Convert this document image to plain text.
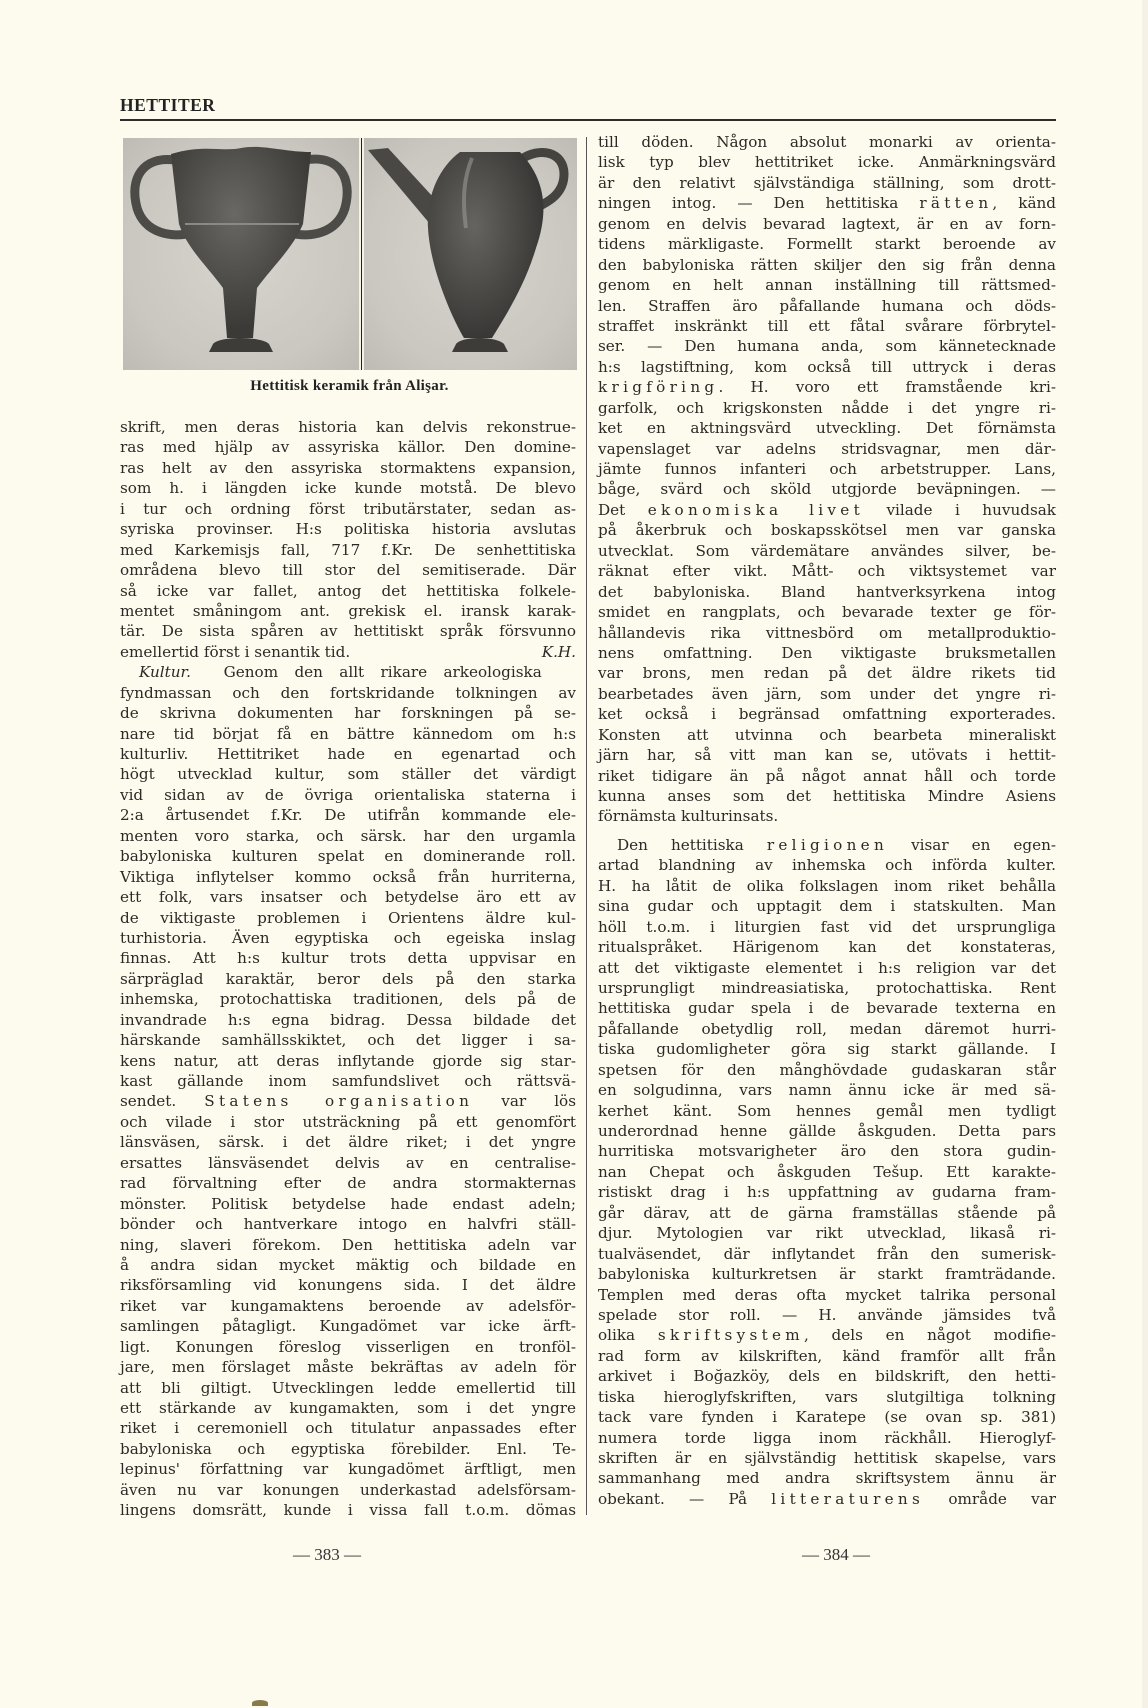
HETTITER
Hettitisk keramik från Alişar.
skrift, men deras historia kan delvis rekonstrue-
ras med hjälp av assyriska källor. Den domine-
ras helt av den assyriska stormaktens expansion,
som h. i längden icke kunde motstå. De blevo
i tur och ordning först tributärstater, sedan as-
syriska provinser. H:s politiska historia avslutas
med Karkemisjs fall, 717 f.Kr. De senhettitiska
områdena blevo till stor del semitiserade. Där
så icke var fallet, antog det hettitiska folkele-
mentet småningom ant. grekisk el. iransk karak-
tär. De sista spåren av hettitiskt språk försvunno
emellertid först i senantik tid.	K.H.
Kultur. Genom den allt rikare arkeologiska
fyndmassan och den fortskridande tolkningen av
de skrivna dokumenten har forskningen på se-
nare tid börjat få en bättre kännedom om h:s
kulturliv. Hettitriket hade en egenartad och
högt utvecklad kultur, som ställer det värdigt
vid sidan av de övriga orientaliska staterna i
2:a årtusendet f.Kr. De utifrån kommande ele-
menten voro starka, och särsk. har den urgamla
babyloniska kulturen spelat en dominerande roll.
Viktiga inflytelser kommo också från hurriterna,
ett folk, vars insatser och betydelse äro ett av
de viktigaste problemen i Orientens äldre kul-
turhistoria. Även egyptiska och egeiska inslag
finnas. Att h:s kultur trots detta uppvisar en
särpräglad karaktär, beror dels på den starka
inhemska, protochattiska traditionen, dels på de
invandrade h:s egna bidrag. Dessa bildade det
härskande samhällsskiktet, och det ligger i sa-
kens natur, att deras inflytande gjorde sig star-
kast gällande inom samfundslivet och rättsvä-
sendet. Statens organisation var lös
och vilade i stor utsträckning på ett genomfört
länsväsen, särsk. i det äldre riket; i det yngre
ersattes länsväsendet delvis av en centralise-
rad förvaltning efter de andra stormakternas
mönster. Politisk betydelse hade endast adeln;
bönder och hantverkare intogo en halvfri ställ-
ning, slaveri förekom. Den hettitiska adeln var
å andra sidan mycket mäktig och bildade en
riksförsamling vid konungens sida. I det äldre
riket var kungamaktens beroende av adelsför-
samlingen påtagligt. Kungadömet var icke ärft-
ligt. Konungen föreslog visserligen en tronföl-
jare, men förslaget måste bekräftas av adeln för
att bli giltigt. Utvecklingen ledde emellertid till
ett stärkande av kungamakten, som i det yngre
riket i ceremoniell och titulatur anpassades efter
babyloniska och egyptiska förebilder. Enl. Te-
lepinus' författning var kungadömet ärftligt, men
även nu var konungen underkastad adelsförsam-
lingens domsrätt, kunde i vissa fall t.o.m. dömas
till döden. Någon absolut monarki av orienta-
lisk typ blev hettitriket icke. Anmärkningsvärd
är den relativt självständiga ställning, som drott-
ningen intog. — Den hettitiska rätten, känd
genom en delvis bevarad lagtext, är en av forn-
tidens märkligaste. Formellt starkt beroende av
den babyloniska rätten skiljer den sig från denna
genom en helt annan inställning till rättsmed-
len. Straffen äro påfallande humana och döds-
straffet inskränkt till ett fåtal svårare förbrytel-
ser. — Den humana anda, som kännetecknade
h:s lagstiftning, kom också till uttryck i deras
krigföring. H. voro ett framstående kri-
garfolk, och krigskonsten nådde i det yngre ri-
ket en aktningsvärd utveckling. Det förnämsta
vapenslaget var adelns stridsvagnar, men där-
jämte funnos infanteri och arbetstrupper. Lans,
båge, svärd och sköld utgjorde beväpningen. —
Det ekonomiska livet vilade i huvudsak
på åkerbruk och boskapsskötsel men var ganska
utvecklat. Som värdemätare användes silver, be-
räknat efter vikt. Mått- och viktsystemet var
det babyloniska. Bland hantverksyrkena intog
smidet en rangplats, och bevarade texter ge för-
hållandevis rika vittnesbörd om metallproduktio-
nens omfattning. Den viktigaste bruksmetallen
var brons, men redan på det äldre rikets tid
bearbetades även järn, som under det yngre ri-
ket också i begränsad omfattning exporterades.
Konsten att utvinna och bearbeta mineraliskt
järn har, så vitt man kan se, utövats i hettit-
riket tidigare än på något annat håll och torde
kunna anses som det hettitiska Mindre Asiens
förnämsta kulturinsats.
Den hettitiska religionen visar en egen-
artad blandning av inhemska och införda kulter.
H. ha låtit de olika folkslagen inom riket behålla
sina gudar och upptagit dem i statskulten. Man
höll t.o.m. i liturgien fast vid det ursprungliga
ritualspråket. Härigenom kan det konstateras,
att det viktigaste elementet i h:s religion var det
ursprungligt mindreasiatiska, protochattiska. Rent
hettitiska gudar spela i de bevarade texterna en
påfallande obetydlig roll, medan däremot hurri-
tiska gudomligheter göra sig starkt gällande. I
spetsen för den månghövdade gudaskaran står
en solgudinna, vars namn ännu icke är med sä-
kerhet känt. Som hennes gemål men tydligt
underordnad henne gällde åskguden. Detta pars
hurritiska motsvarigheter äro den stora gudin-
nan Chepat och åskguden Tešup. Ett karakte-
ristiskt drag i h:s uppfattning av gudarna fram-
går därav, att de gärna framställas stående på
djur. Mytologien var rikt utvecklad, likaså ri-
tualväsendet, där inflytandet från den sumerisk-
babyloniska kulturkretsen är starkt framträdande.
Templen med deras ofta mycket talrika personal
spelade stor roll. — H. använde jämsides två
olika skriftsystem, dels en något modifie-
rad form av kilskriften, känd framför allt från
arkivet i Boğazköy, dels en bildskrift, den hetti-
tiska hieroglyfskriften, vars slutgiltiga tolkning
tack vare fynden i Karatepe (se ovan sp. 381)
numera torde ligga inom räckhåll. Hieroglyf-
skriften är en självständig hettitisk skapelse, vars
sammanhang med andra skriftsystem ännu är
obekant. — På litteraturens område var
— 383 —	— 384 —
